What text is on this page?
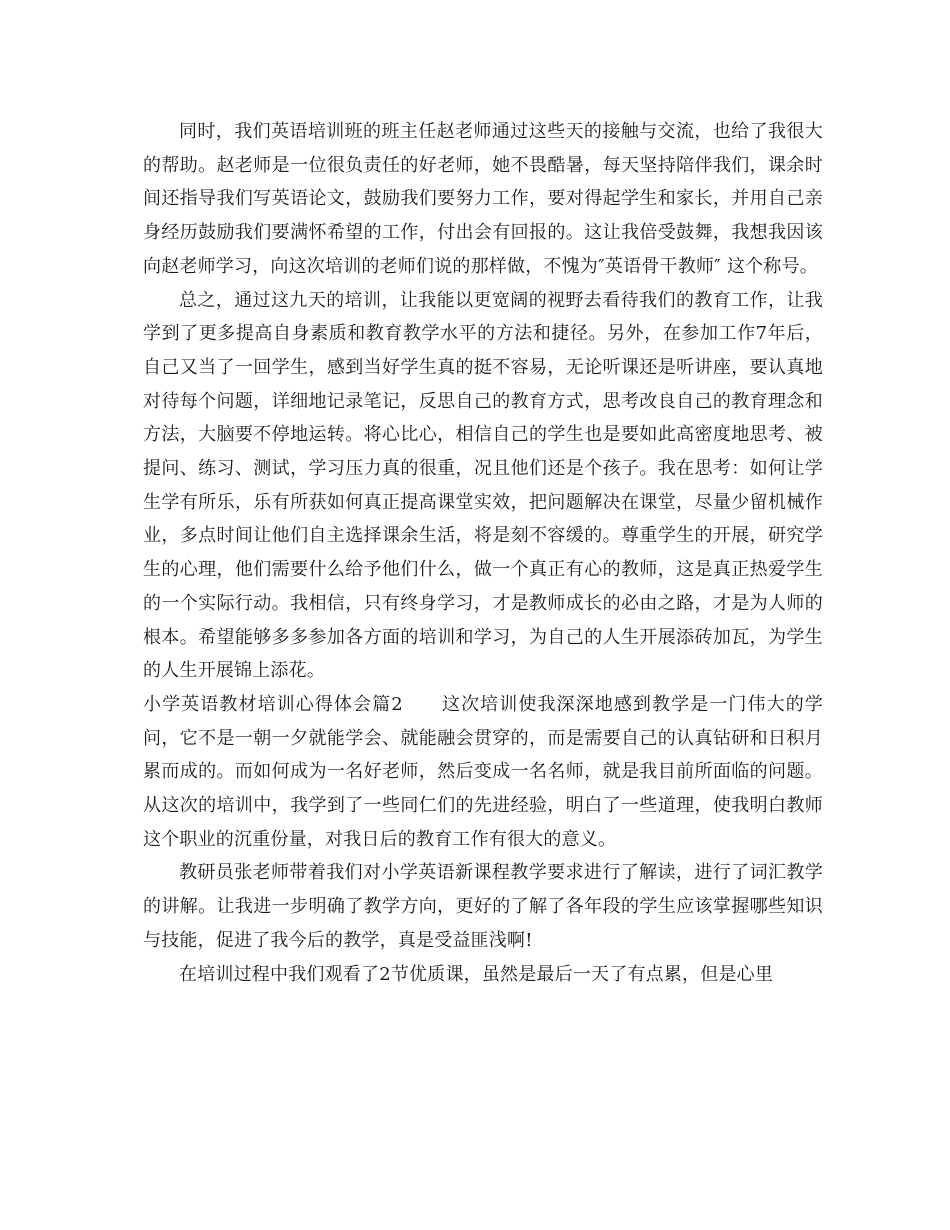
同时，我们英语培训班的班主任赵老师通过这些天的接触与交流，也给了我很大的帮助。赵老师是一位很负责任的好老师，她不畏酷暑，每天坚持陪伴我们，课余时间还指导我们写英语论文，鼓励我们要努力工作，要对得起学生和家长，并用自己亲身经历鼓励我们要满怀希望的工作，付出会有回报的。这让我倍受鼓舞，我想我因该向赵老师学习，向这次培训的老师们说的那样做，不愧为″英语骨干教师″ 这个称号。

总之，通过这九天的培训，让我能以更宽阔的视野去看待我们的教育工作，让我学到了更多提高自身素质和教育教学水平的方法和捷径。另外，在参加工作7年后，自己又当了一回学生，感到当好学生真的挺不容易，无论听课还是听讲座，要认真地对待每个问题，详细地记录笔记，反思自己的教育方式，思考改良自己的教育理念和方法，大脑要不停地运转。将心比心，相信自己的学生也是要如此高密度地思考、被提问、练习、测试，学习压力真的很重，况且他们还是个孩子。我在思考：如何让学生学有所乐，乐有所获如何真正提高课堂实效，把问题解决在课堂，尽量少留机械作业，多点时间让他们自主选择课余生活，将是刻不容缓的。尊重学生的开展，研究学生的心理，他们需要什么给予他们什么，做一个真正有心的教师，这是真正热爱学生的一个实际行动。我相信，只有终身学习，才是教师成长的必由之路，才是为人师的根本。希望能够多多参加各方面的培训和学习，为自己的人生开展添砖加瓦，为学生的人生开展锦上添花。

小学英语教材培训心得体会篇2　　这次培训使我深深地感到教学是一门伟大的学问，它不是一朝一夕就能学会、就能融会贯穿的，而是需要自己的认真钻研和日积月累而成的。而如何成为一名好老师，然后变成一名名师，就是我目前所面临的问题。从这次的培训中，我学到了一些同仁们的先进经验，明白了一些道理，使我明白教师这个职业的沉重份量，对我日后的教育工作有很大的意义。

教研员张老师带着我们对小学英语新课程教学要求进行了解读，进行了词汇教学的讲解。让我进一步明确了教学方向，更好的了解了各年段的学生应该掌握哪些知识与技能，促进了我今后的教学，真是受益匪浅啊!

在培训过程中我们观看了2节优质课，虽然是最后一天了有点累，但是心里
